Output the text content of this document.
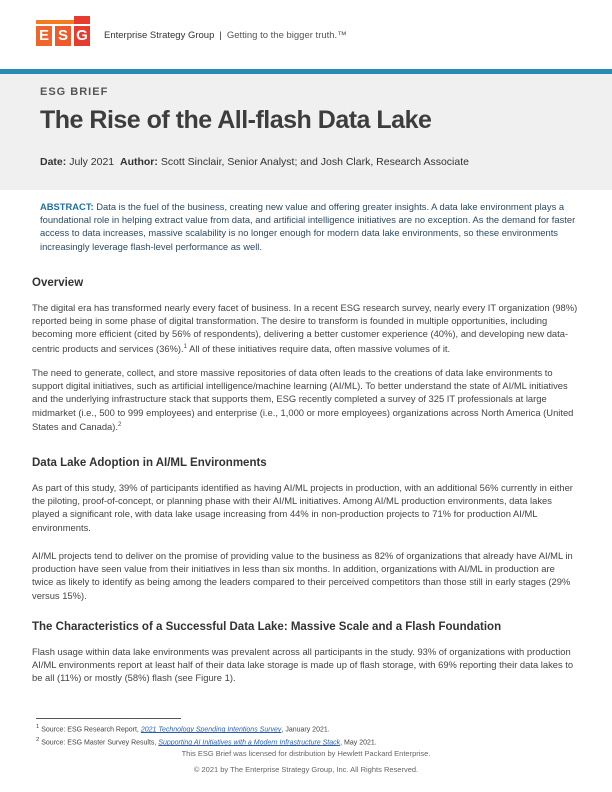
E S G Enterprise Strategy Group | Getting to the bigger truth.™
ESG BRIEF
The Rise of the All-flash Data Lake
Date: July 2021 Author: Scott Sinclair, Senior Analyst; and Josh Clark, Research Associate
ABSTRACT: Data is the fuel of the business, creating new value and offering greater insights. A data lake environment plays a foundational role in helping extract value from data, and artificial intelligence initiatives are no exception. As the demand for faster access to data increases, massive scalability is no longer enough for modern data lake environments, so these environments increasingly leverage flash-level performance as well.
Overview
The digital era has transformed nearly every facet of business. In a recent ESG research survey, nearly every IT organization (98%) reported being in some phase of digital transformation. The desire to transform is founded in multiple opportunities, including becoming more efficient (cited by 56% of respondents), delivering a better customer experience (40%), and developing new data-centric products and services (36%).$^1$ All of these initiatives require data, often massive volumes of it.
The need to generate, collect, and store massive repositories of data often leads to the creations of data lake environments to support digital initiatives, such as artificial intelligence/machine learning (AI/ML). To better understand the state of AI/ML initiatives and the underlying infrastructure stack that supports them, ESG recently completed a survey of 325 IT professionals at large midmarket (i.e., 500 to 999 employees) and enterprise (i.e., 1,000 or more employees) organizations across North America (United States and Canada).$^2$
Data Lake Adoption in AI/ML Environments
As part of this study, 39% of participants identified as having AI/ML projects in production, with an additional 56% currently in either the piloting, proof-of-concept, or planning phase with their AI/ML initiatives. Among AI/ML production environments, data lakes played a significant role, with data lake usage increasing from 44% in non-production projects to 71% for production AI/ML environments.
AI/ML projects tend to deliver on the promise of providing value to the business as 82% of organizations that already have AI/ML in production have seen value from their initiatives in less than six months. In addition, organizations with AI/ML in production are twice as likely to identify as being among the leaders compared to their perceived competitors than those still in early stages (29% versus 15%).
The Characteristics of a Successful Data Lake: Massive Scale and a Flash Foundation
Flash usage within data lake environments was prevalent across all participants in the study. 93% of organizations with production AI/ML environments report at least half of their data lake storage is made up of flash storage, with 69% reporting their data lakes to be all (11%) or mostly (58%) flash (see Figure 1).
$^1$ Source: ESG Research Report, 2021 Technology Spending Intentions Survey, January 2021.
$^2$ Source: ESG Master Survey Results, Supporting AI Initiatives with a Modern Infrastructure Stack, May 2021.
This ESG Brief was licensed for distribution by Hewlett Packard Enterprise.
© 2021 by The Enterprise Strategy Group, Inc. All Rights Reserved.
